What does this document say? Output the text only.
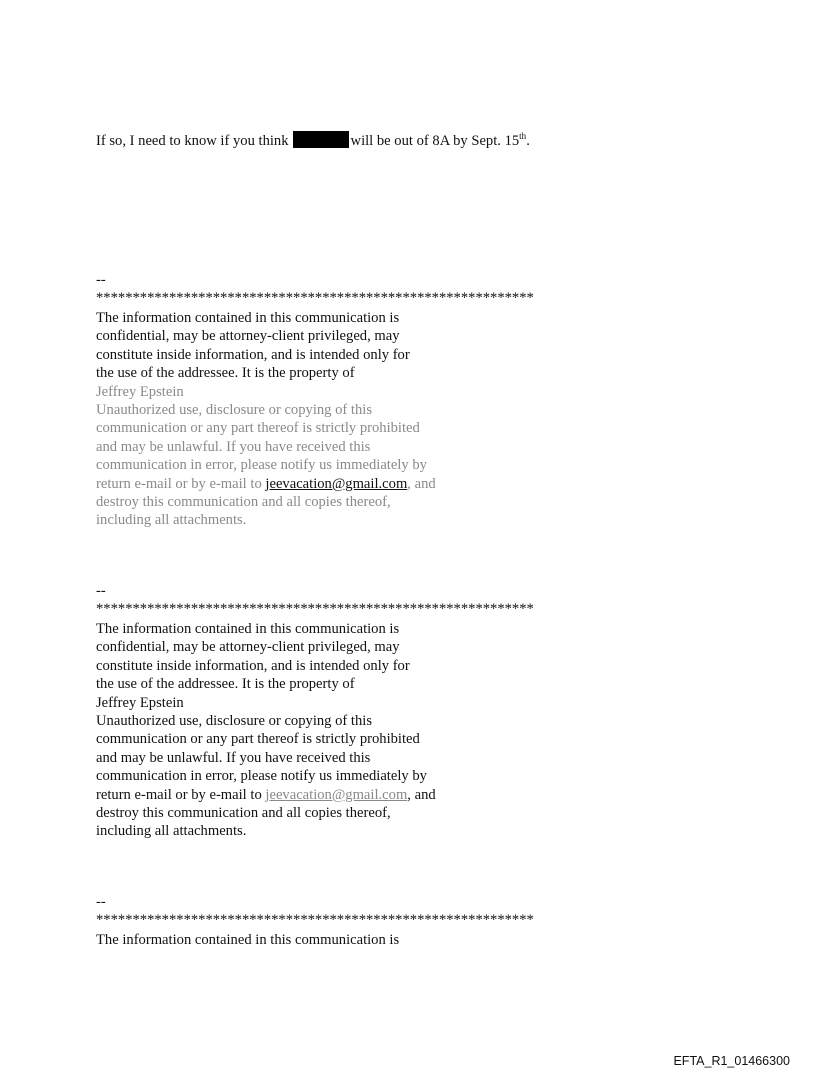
If so, I need to know if you think	will be out of 8A by Sept. 15th.
--
************************************************************
The information contained in this communication is
confidential, may be attorney-client privileged, may
constitute inside information, and is intended only for
the use of the addressee. It is the property of
Jeffrey Epstein
Unauthorized use, disclosure or copying of this
communication or any part thereof is strictly prohibited
and may be unlawful. If you have received this
communication in error, please notify us immediately by
return e-mail or by e-mail to jeevacation@gmail.com, and
destroy this communication and all copies thereof,
including all attachments.
--
************************************************************
The information contained in this communication is
confidential, may be attorney-client privileged, may
constitute inside information, and is intended only for
the use of the addressee. It is the property of
Jeffrey Epstein
Unauthorized use, disclosure or copying of this
communication or any part thereof is strictly prohibited
and may be unlawful. If you have received this
communication in error, please notify us immediately by
return e-mail or by e-mail to jeevacation@gmail.com, and
destroy this communication and all copies thereof,
including all attachments.
--
************************************************************
The information contained in this communication is
EFTA_R1_01466300
